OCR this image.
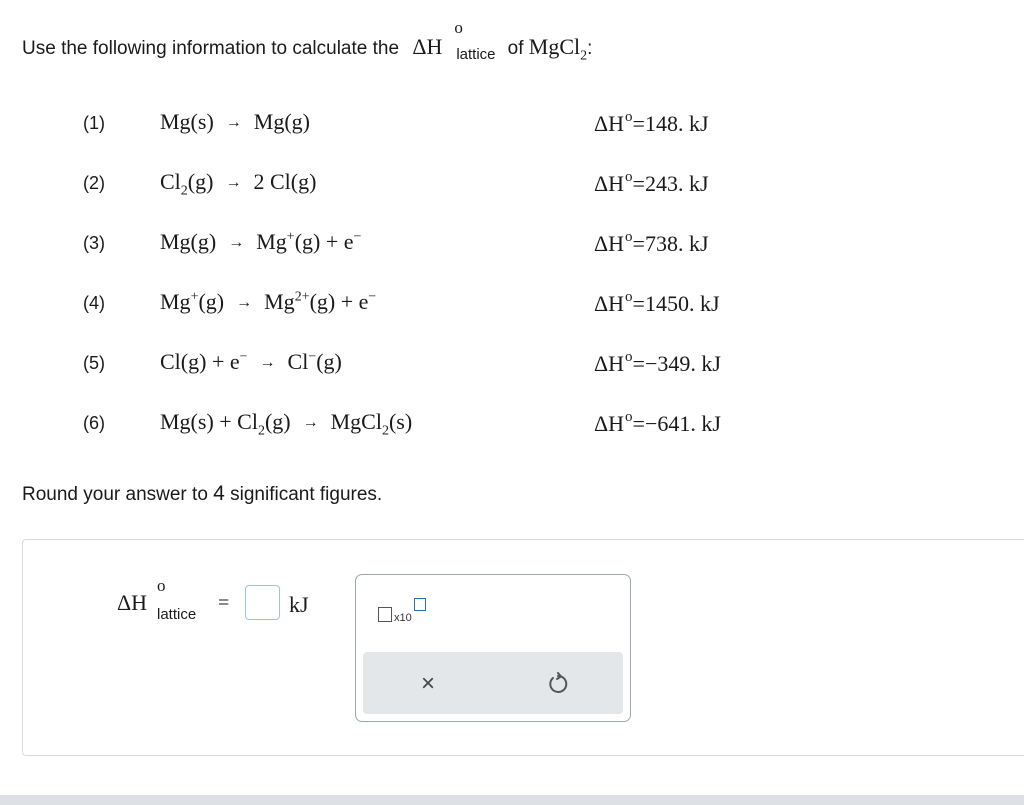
Use the following information to calculate the ΔH
o
lattice of MgCl$_2$:
(1)	Mg(s) → Mg(g)	$\Delta H^o=148$. kJ
(2)	$Cl_2(g) \to 2$ Cl(g)	$\Delta H^o=243$. kJ
(3)	Mg(g) → Mg+(g) + e−	$\Delta H^o=738$. kJ
(4)	$Mg^+(g) \to Mg^{2+}(g) + e^-$	$\Delta H^o=1450$. kJ
(5)	Cl(g) + e− → Cl−(g)	$\Delta H^o=-349$. kJ
(6)	$Mg(s) + Cl_2(g)$ → MgCl$_2$(s)	$\Delta H^o=-641$. kJ
Round your answer to 4 significant figures.
ΔH
o
lattice
=	kJ
x10
×
